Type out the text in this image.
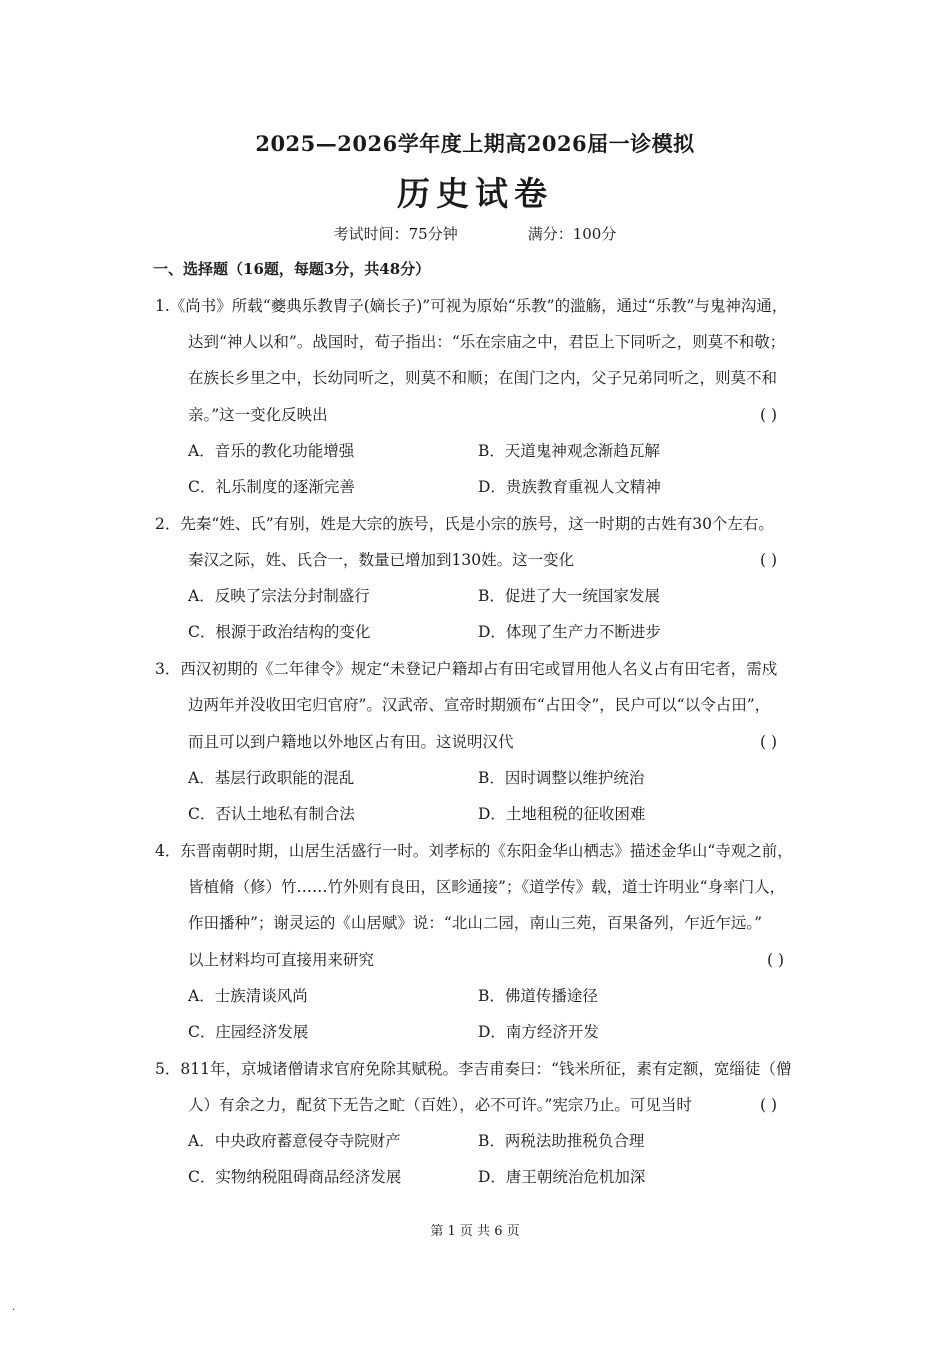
2025—2026学年度上期高2026届一诊模拟
历史试卷
考试时间：75分钟	满分：100分
一、选择题（16题，每题3分，共48分）
1.《尚书》所载“夔典乐教胄子(嫡长子)”可视为原始“乐教”的滥觞，通过“乐教”与鬼神沟通，
达到“神人以和”。战国时，荀子指出：“乐在宗庙之中，君臣上下同听之，则莫不和敬；
在族长乡里之中，长幼同听之，则莫不和顺；在闺门之内，父子兄弟同听之，则莫不和
亲。”这一变化反映出	( )
A．音乐的教化功能增强	B．天道鬼神观念渐趋瓦解
C．礼乐制度的逐渐完善	D．贵族教育重视人文精神
2．先秦“姓、氏”有别，姓是大宗的族号，氏是小宗的族号，这一时期的古姓有30个左右。
秦汉之际，姓、氏合一，数量已增加到130姓。这一变化	( )
A．反映了宗法分封制盛行	B．促进了大一统国家发展
C．根源于政治结构的变化	D．体现了生产力不断进步
3．西汉初期的《二年律令》规定“未登记户籍却占有田宅或冒用他人名义占有田宅者，需戍
边两年并没收田宅归官府”。汉武帝、宣帝时期颁布“占田令”，民户可以“以令占田”，
而且可以到户籍地以外地区占有田。这说明汉代	( )
A．基层行政职能的混乱	B．因时调整以维护统治
C．否认土地私有制合法	D．土地租税的征收困难
4．东晋南朝时期，山居生活盛行一时。刘孝标的《东阳金华山栖志》描述金华山“寺观之前，
皆植脩（修）竹……竹外则有良田，区畛通接”；《道学传》载，道士许明业“身率门人，
作田播种”；谢灵运的《山居赋》说：“北山二园，南山三苑，百果备列，乍近乍远。”
以上材料均可直接用来研究	( )
A．士族清谈风尚	B．佛道传播途径
C．庄园经济发展	D．南方经济开发
5．811年，京城诸僧请求官府免除其赋税。李吉甫奏曰：“钱米所征，素有定额，宽缁徒（僧
人）有余之力，配贫下无告之甿（百姓），必不可许。”宪宗乃止。可见当时	( )
A．中央政府蓄意侵夺寺院财产	B．两税法助推税负合理
C．实物纳税阻碍商品经济发展	D．唐王朝统治危机加深
第 1 页 共 6 页
.
